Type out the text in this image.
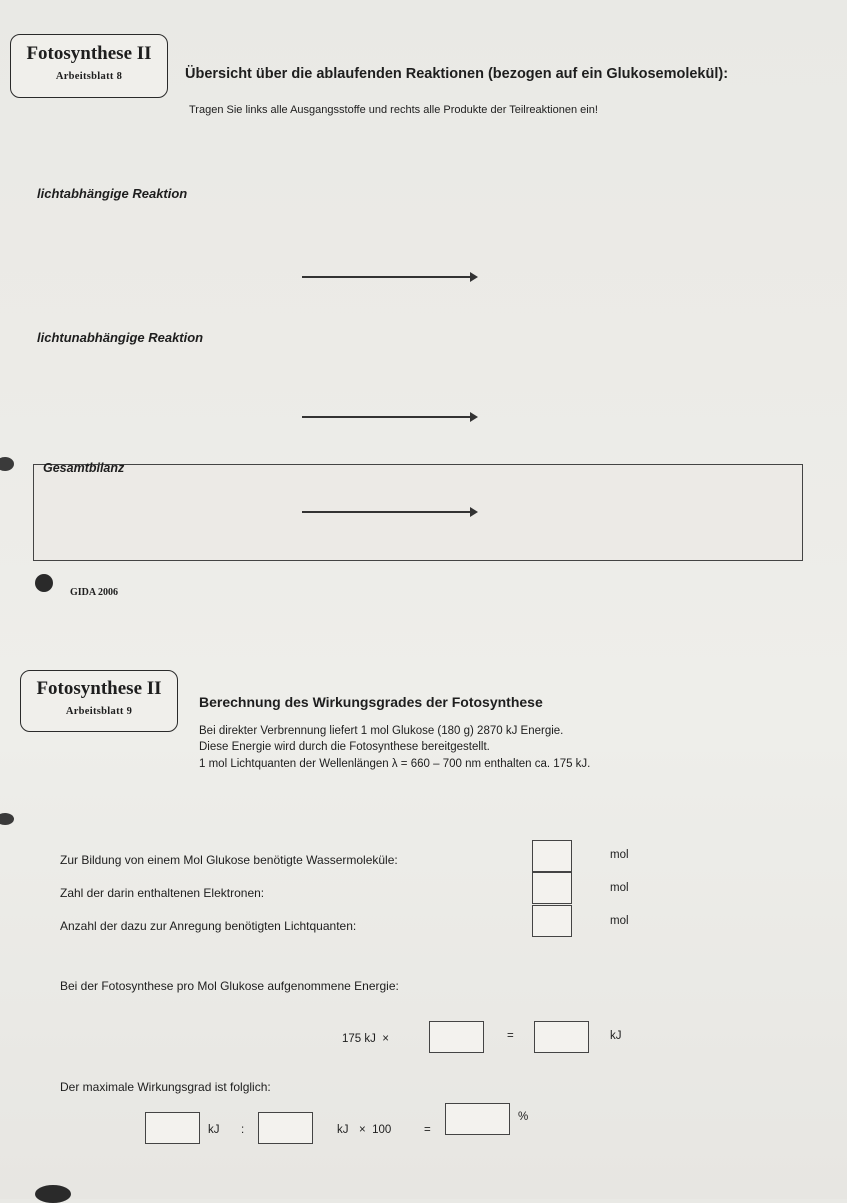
Fotosynthese II
Arbeitsblatt 8	Übersicht über die ablaufenden Reaktionen (bezogen auf ein Glukosemolekül):
Tragen Sie links alle Ausgangsstoffe und rechts alle Produkte der Teilreaktionen ein!
lichtabhängige Reaktion
lichtunabhängige Reaktion
Gesamtbilanz
GIDA 2006
Fotosynthese II
Arbeitsblatt 9
Berechnung des Wirkungsgrades der Fotosynthese
Bei direkter Verbrennung liefert 1 mol Glukose (180 g) 2870 kJ Energie.
Diese Energie wird durch die Fotosynthese bereitgestellt.
1 mol Lichtquanten der Wellenlängen λ = 660 – 700 nm enthalten ca. 175 kJ.
Zur Bildung von einem Mol Glukose benötigte Wassermoleküle:	mol
Zahl der darin enthaltenen Elektronen:	mol
Anzahl der dazu zur Anregung benötigten Lichtquanten:	mol
Bei der Fotosynthese pro Mol Glukose aufgenommene Energie:
175 kJ  ×	=	kJ
Der maximale Wirkungsgrad ist folglich:
kJ :	kJ ×  100	=
%
